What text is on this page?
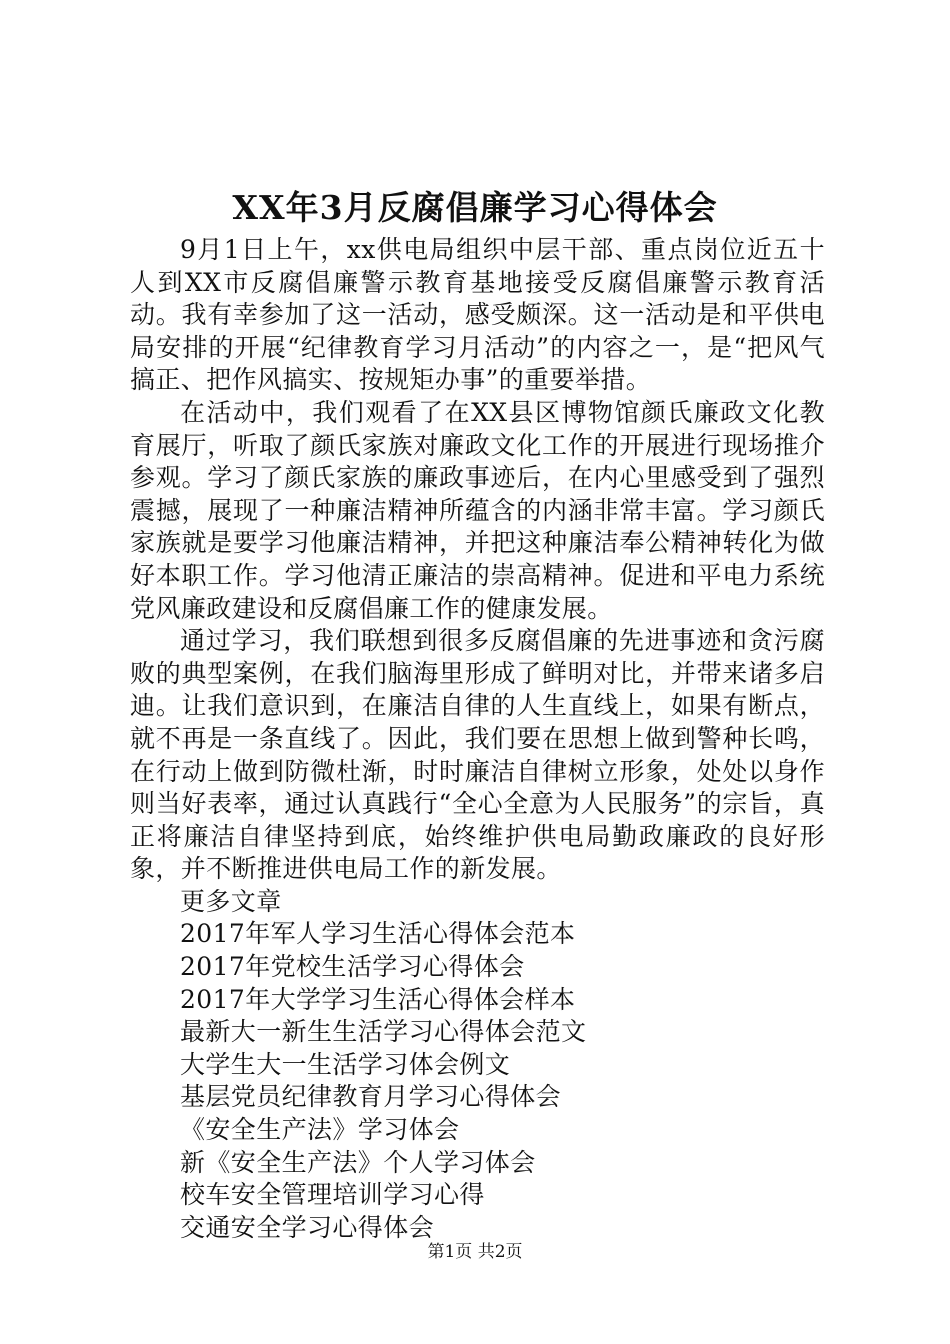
XX年3月反腐倡廉学习心得体会

9月1日上午，xx供电局组织中层干部、重点岗位近五十人到XX市反腐倡廉警示教育基地接受反腐倡廉警示教育活动。我有幸参加了这一活动，感受颇深。这一活动是和平供电局安排的开展“纪律教育学习月活动”的内容之一，是“把风气搞正、把作风搞实、按规矩办事”的重要举措。

在活动中，我们观看了在XX县区博物馆颜氏廉政文化教育展厅，听取了颜氏家族对廉政文化工作的开展进行现场推介参观。学习了颜氏家族的廉政事迹后，在内心里感受到了强烈震撼，展现了一种廉洁精神所蕴含的内涵非常丰富。学习颜氏家族就是要学习他廉洁精神，并把这种廉洁奉公精神转化为做好本职工作。学习他清正廉洁的崇高精神。促进和平电力系统党风廉政建设和反腐倡廉工作的健康发展。

通过学习，我们联想到很多反腐倡廉的先进事迹和贪污腐败的典型案例，在我们脑海里形成了鲜明对比，并带来诸多启迪。让我们意识到，在廉洁自律的人生直线上，如果有断点，就不再是一条直线了。因此，我们要在思想上做到警种长鸣，在行动上做到防微杜渐，时时廉洁自律树立形象，处处以身作则当好表率，通过认真践行“全心全意为人民服务”的宗旨，真正将廉洁自律坚持到底，始终维护供电局勤政廉政的良好形象，并不断推进供电局工作的新发展。

更多文章

2017年军人学习生活心得体会范本
2017年党校生活学习心得体会
2017年大学学习生活心得体会样本
最新大一新生生活学习心得体会范文
大学生大一生活学习体会例文
基层党员纪律教育月学习心得体会
《安全生产法》学习体会
新《安全生产法》个人学习体会
校车安全管理培训学习心得
交通安全学习心得体会
第1页 共2页
